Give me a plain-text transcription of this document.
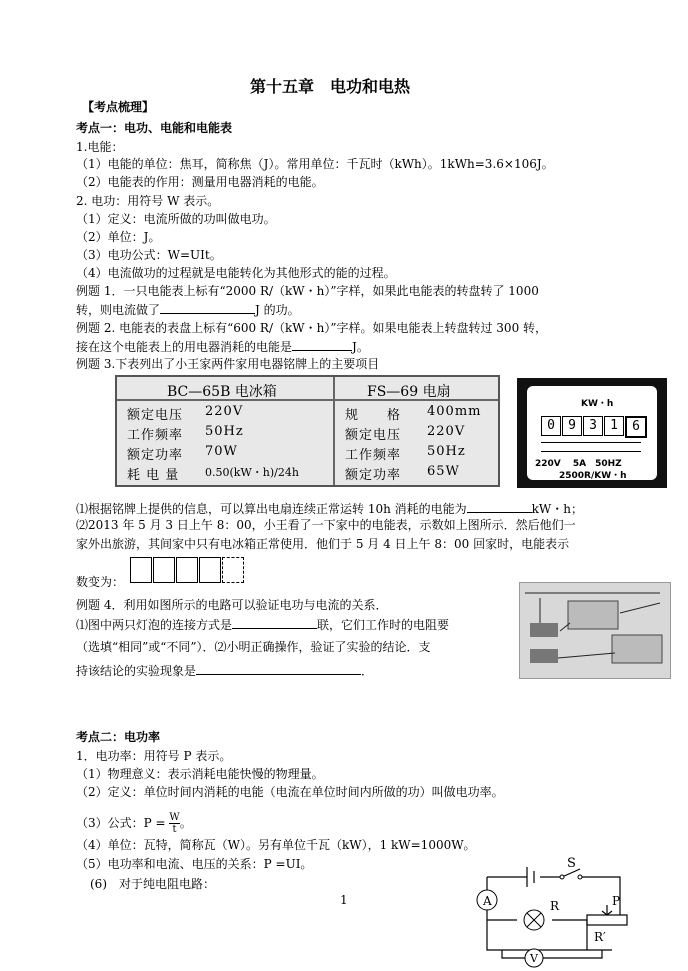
第十五章　电功和电热
【考点梳理】
考点一：电功、电能和电能表
1.电能：
（1）电能的单位：焦耳，简称焦（J）。常用单位：千瓦时（kWh）。1kWh=3.6×106J。
（2）电能表的作用：测量用电器消耗的电能。
2. 电功：用符号 W 表示。
（1）定义：电流所做的功叫做电功。
（2）单位：J。
（3）电功公式：W=UIt。
（4）电流做功的过程就是电能转化为其他形式的能的过程。
例题 1．一只电能表上标有“2000 R/（kW・h）”字样，如果此电能表的转盘转了 1000
转，则电流做了	J 的功。
例题 2. 电能表的表盘上标有“600 R/（kW・h）”字样。如果电能表上转盘转过 300 转，
接在这个电能表上的用电器消耗的电能是	J。
例题 3.下表列出了小王家两件家用电器铭牌上的主要项目
BC—65B 电冰箱	FS—69 电扇
额定电压 220V
工作频率 50Hz
额定功率 70W
耗 电 量 0.50(kW・h)/24h
规　　格 400mm
额定电压 220V
工作频率 50Hz
额定功率 65W
KW・h
0	9	3	1	6
220V　 5A　50HZ
2500R/KW・h
⑴根据铭牌上提供的信息，可以算出电扇连续正常运转 10h 消耗的电能为	kW・h；
⑵2013 年 5 月 3 日上午 8：00，小王看了一下家中的电能表，示数如上图所示．然后他们一
家外出旅游，其间家中只有电冰箱正常使用．他们于 5 月 4 日上午 8：00 回家时，电能表示
数变为：
例题 4．利用如图所示的电路可以验证电功与电流的关系．
⑴图中两只灯泡的连接方式是	联，它们工作时的电阻要
（选填“相同”或“不同”）．⑵小明正确操作，验证了实验的结论．支
持该结论的实验现象是	．
考点二：电功率
1．电功率：用符号 P 表示。
（1）物理意义：表示消耗电能快慢的物理量。
（2）定义：单位时间内消耗的电能（电流在单位时间内所做的功）叫做电功率。
（3）公式：$P = \frac{W}{t}$ 。
（4）单位：瓦特，简称瓦（W）。另有单位千瓦（kW），1 kW=1000W。
（5）电功率和电流、电压的关系：P =UI。
(6)　对于纯电阻电路：
1	A
S
R	P
R′
V
